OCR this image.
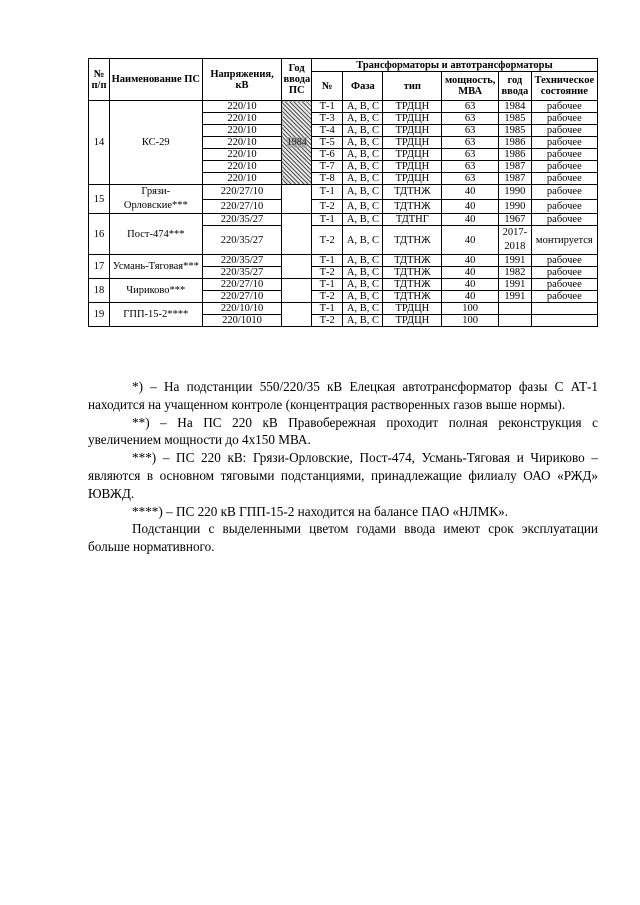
№ п/п	Наименование ПС	Напряжения, кВ	Год ввода ПС	Трансформаторы и автотрансформаторы					
				№	Фаза	тип	мощность, МВА	год ввода	Техническое состояние
14	КС-29	220/10	1984	Т-1	А, В, С	ТРДЦН	63	1984	рабочее
		220/10		Т-3	А, В, С	ТРДЦН	63	1985	рабочее
		220/10		Т-4	А, В, С	ТРДЦН	63	1985	рабочее
		220/10		Т-5	А, В, С	ТРДЦН	63	1986	рабочее
		220/10		Т-6	А, В, С	ТРДЦН	63	1986	рабочее
		220/10		Т-7	А, В, С	ТРДЦН	63	1987	рабочее
		220/10		Т-8	А, В, С	ТРДЦН	63	1987	рабочее
15	Грязи-Орловские***	220/27/10		Т-1	А, В, С	ТДТНЖ	40	1990	рабочее
		220/27/10		Т-2	А, В, С	ТДТНЖ	40	1990	рабочее
16	Пост-474***	220/35/27		Т-1	А, В, С	ТДТНГ	40	1967	рабочее
		220/35/27		Т-2	А, В, С	ТДТНЖ	40	2017-2018	монтируется
17	Усмань-Тяговая***	220/35/27		Т-1	А, В, С	ТДТНЖ	40	1991	рабочее
		220/35/27		Т-2	А, В, С	ТДТНЖ	40	1982	рабочее
18	Чириково***	220/27/10		Т-1	А, В, С	ТДТНЖ	40	1991	рабочее
		220/27/10		Т-2	А, В, С	ТДТНЖ	40	1991	рабочее
19	ГПП-15-2****	220/10/10		Т-1	А, В, С	ТРДЦН	100		
		220/1010		Т-2	А, В, С	ТРДЦН	100		

*) – На подстанции 550/220/35 кВ Елецкая автотрансформатор фазы С АТ-1 находится на учащенном контроле (концентрация растворенных газов выше нормы).

**) – На ПС 220 кВ Правобережная проходит полная реконструкция с увеличением мощности до 4х150 МВА.

***) – ПС 220 кВ: Грязи-Орловские, Пост-474, Усмань-Тяговая и Чириково – являются в основном тяговыми подстанциями, принадлежащие филиалу ОАО «РЖД» ЮВЖД.

****) – ПС 220 кВ ГПП-15-2 находится на балансе ПАО «НЛМК».

Подстанции с выделенными цветом годами ввода имеют срок эксплуатации больше нормативного.
